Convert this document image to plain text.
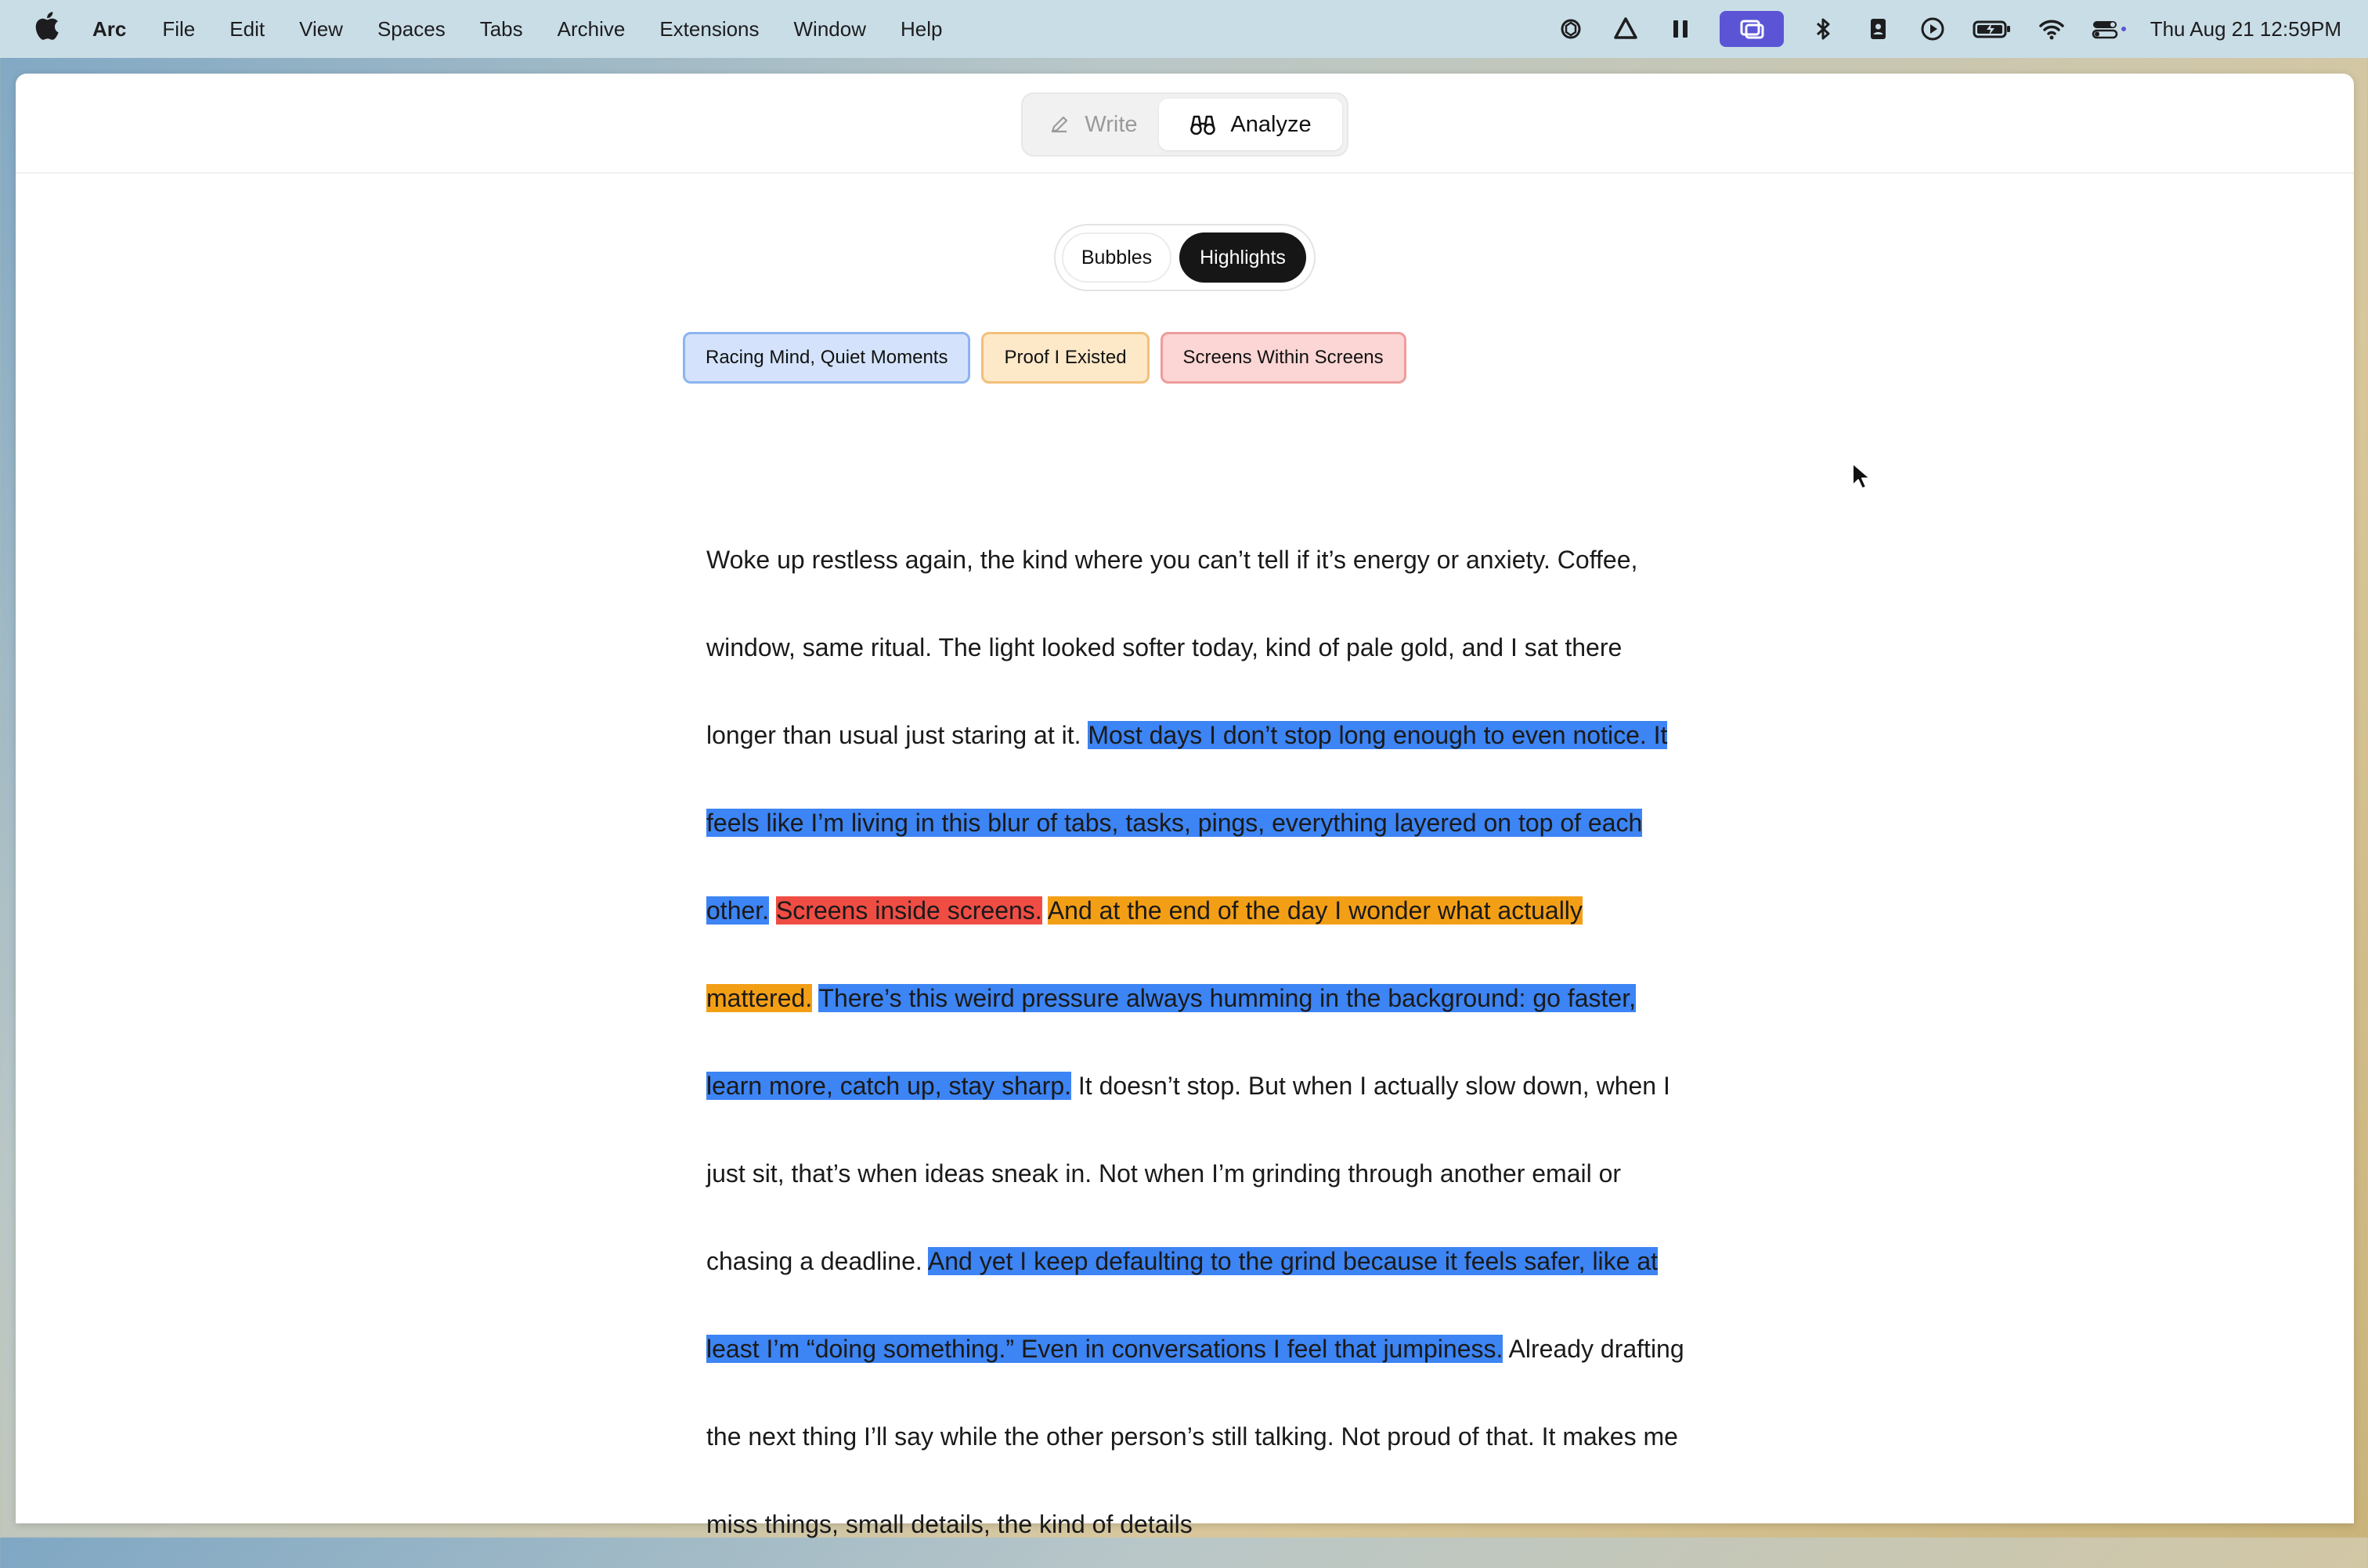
Arc File Edit View Spaces Tabs Archive Extensions Window Help	Thu Aug 21 12:59PM
Write	Analyze
Bubbles	Highlights
Racing Mind, Quiet Moments	Proof I Existed	Screens Within Screens
Woke up restless again, the kind where you can’t tell if it’s energy or anxiety. Coffee, window, same ritual. The light looked softer today, kind of pale gold, and I sat there longer than usual just staring at it. Most days I don’t stop long enough to even notice. It feels like I’m living in this blur of tabs, tasks, pings, everything layered on top of each other. Screens inside screens. And at the end of the day I wonder what actually mattered. There’s this weird pressure always humming in the background: go faster, learn more, catch up, stay sharp. It doesn’t stop. But when I actually slow down, when I just sit, that’s when ideas sneak in. Not when I’m grinding through another email or chasing a deadline. And yet I keep defaulting to the grind because it feels safer, like at least I’m “doing something.” Even in conversations I feel that jumpiness. Already drafting the next thing I’ll say while the other person’s still talking. Not proud of that. It makes me miss things, small details, the kind of details
